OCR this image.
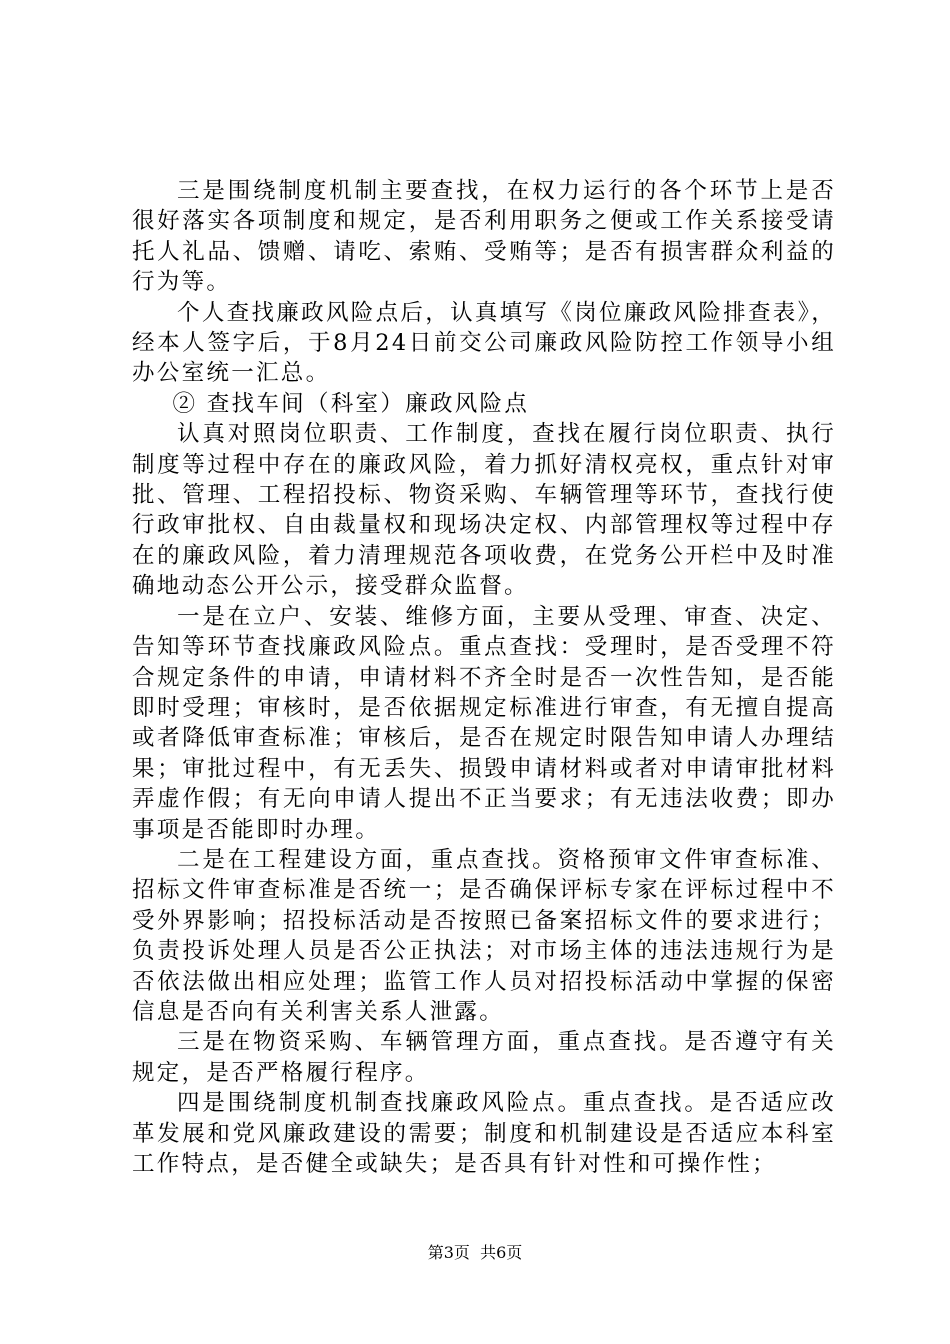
三是围绕制度机制主要查找，在权力运行的各个环节上是否很好落实各项制度和规定，是否利用职务之便或工作关系接受请托人礼品、馈赠、请吃、索贿、受贿等；是否有损害群众利益的行为等。

个人查找廉政风险点后，认真填写《岗位廉政风险排查表》，经本人签字后，于8月24日前交公司廉政风险防控工作领导小组办公室统一汇总。

② 查找车间（科室）廉政风险点

认真对照岗位职责、工作制度，查找在履行岗位职责、执行制度等过程中存在的廉政风险，着力抓好清权亮权，重点针对审批、管理、工程招投标、物资采购、车辆管理等环节，查找行使行政审批权、自由裁量权和现场决定权、内部管理权等过程中存在的廉政风险，着力清理规范各项收费，在党务公开栏中及时准确地动态公开公示，接受群众监督。

一是在立户、安装、维修方面，主要从受理、审查、决定、告知等环节查找廉政风险点。重点查找：受理时，是否受理不符合规定条件的申请，申请材料不齐全时是否一次性告知，是否能即时受理；审核时，是否依据规定标准进行审查，有无擅自提高或者降低审查标准；审核后，是否在规定时限告知申请人办理结果；审批过程中，有无丢失、损毁申请材料或者对申请审批材料弄虚作假；有无向申请人提出不正当要求；有无违法收费；即办事项是否能即时办理。

二是在工程建设方面，重点查找。资格预审文件审查标准、招标文件审查标准是否统一；是否确保评标专家在评标过程中不受外界影响；招投标活动是否按照已备案招标文件的要求进行；负责投诉处理人员是否公正执法；对市场主体的违法违规行为是否依法做出相应处理；监管工作人员对招投标活动中掌握的保密信息是否向有关利害关系人泄露。

三是在物资采购、车辆管理方面，重点查找。是否遵守有关规定，是否严格履行程序。

四是围绕制度机制查找廉政风险点。重点查找。是否适应改革发展和党风廉政建设的需要；制度和机制建设是否适应本科室工作特点，是否健全或缺失；是否具有针对性和可操作性；

第3页  共6页
